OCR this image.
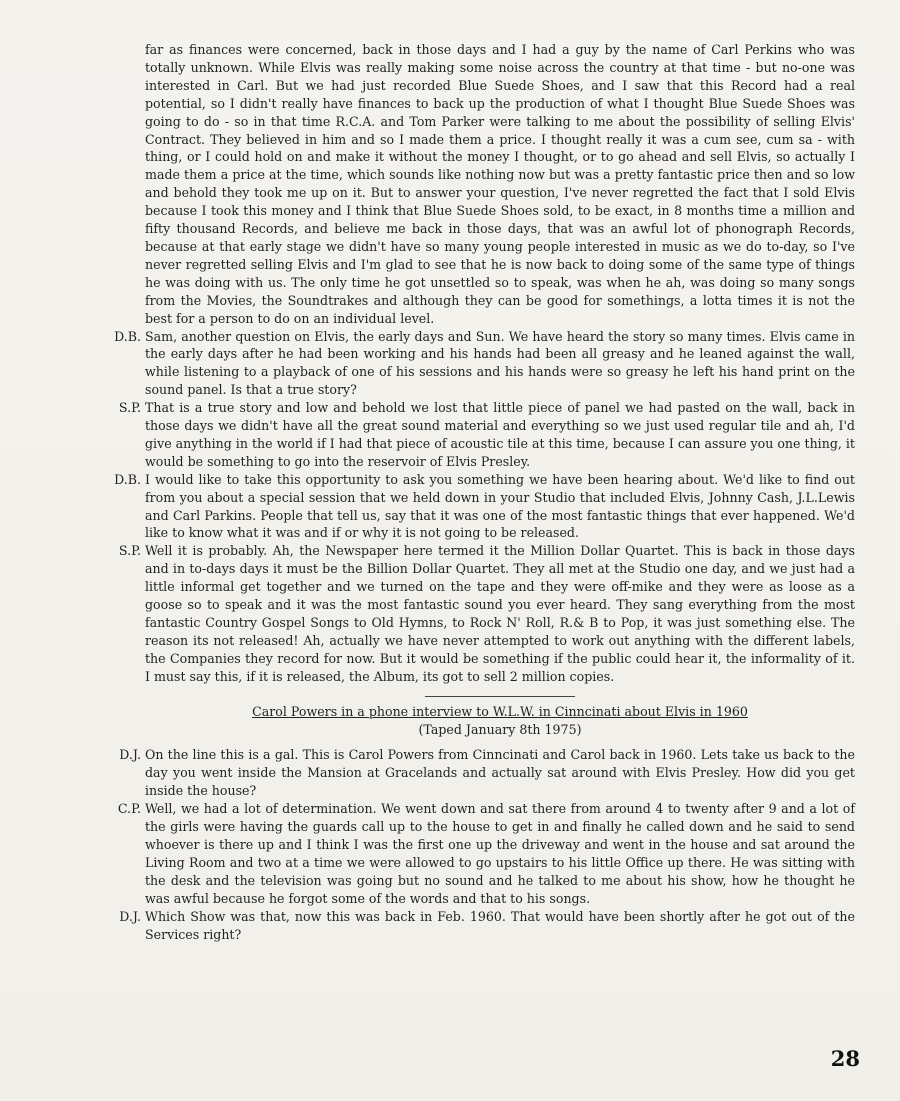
far as finances were concerned, back in those days and I had a guy by the name of Carl Perkins who was totally unknown. While Elvis was really making some noise across the country at that time - but no-one was interested in Carl. But we had just recorded Blue Suede Shoes, and I saw that this Record had a real potential, so I didn't really have finances to back up the production of what I thought Blue Suede Shoes was going to do - so in that time R.C.A. and Tom Parker were talking to me about the possibility of selling Elvis' Contract. They believed in him and so I made them a price. I thought really it was a cum see, cum sa - with thing, or I could hold on and make it without the money I thought, or to go ahead and sell Elvis, so actually I made them a price at the time, which sounds like nothing now but was a pretty fantastic price then and so low and behold they took me up on it. But to answer your question, I've never regretted the fact that I sold Elvis because I took this money and I think that Blue Suede Shoes sold, to be exact, in 8 months time a million and fifty thousand Records, and believe me back in those days, that was an awful lot of phonograph Records, because at that early stage we didn't have so many young people interested in music as we do to-day, so I've never regretted selling Elvis and I'm glad to see that he is now back to doing some of the same type of things he was doing with us. The only time he got unsettled so to speak, was when he ah, was doing so many songs from the Movies, the Soundtrakes and although they can be good for somethings, a lotta times it is not the best for a person to do on an individual level.

D.B. Sam, another question on Elvis, the early days and Sun. We have heard the story so many times. Elvis came in the early days after he had been working and his hands had been all greasy and he leaned against the wall, while listening to a playback of one of his sessions and his hands were so greasy he left his hand print on the sound panel. Is that a true story?

S.P. That is a true story and low and behold we lost that little piece of panel we had pasted on the wall, back in those days we didn't have all the great sound material and everything so we just used regular tile and ah, I'd give anything in the world if I had that piece of acoustic tile at this time, because I can assure you one thing, it would be something to go into the reservoir of Elvis Presley.

D.B. I would like to take this opportunity to ask you something we have been hearing about. We'd like to find out from you about a special session that we held down in your Studio that included Elvis, Johnny Cash, J.L.Lewis and Carl Parkins. People that tell us, say that it was one of the most fantastic things that ever happened. We'd like to know what it was and if or why it is not going to be released.

S.P. Well it is probably. Ah, the Newspaper here termed it the Million Dollar Quartet. This is back in those days and in to-days days it must be the Billion Dollar Quartet. They all met at the Studio one day, and we just had a little informal get together and we turned on the tape and they were off-mike and they were as loose as a goose so to speak and it was the most fantastic sound you ever heard. They sang everything from the most fantastic Country Gospel Songs to Old Hymns, to Rock N' Roll, R.& B to Pop, it was just something else. The reason its not released! Ah, actually we have never attempted to work out anything with the different labels, the Companies they record for now. But it would be something if the public could hear it, the informality of it. I must say this, if it is released, the Album, its got to sell 2 million copies.

Carol Powers in a phone interview to W.L.W. in Cinncinati about Elvis in 1960

(Taped January 8th 1975)

D.J. On the line this is a gal. This is Carol Powers from Cinncinati and Carol back in 1960. Lets take us back to the day you went inside the Mansion at Gracelands and actually sat around with Elvis Presley. How did you get inside the house?

C.P. Well, we had a lot of determination. We went down and sat there from around 4 to twenty after 9 and a lot of the girls were having the guards call up to the house to get in and finally he called down and he said to send whoever is there up and I think I was the first one up the driveway and went in the house and sat around the Living Room and two at a time we were allowed to go upstairs to his little Office up there. He was sitting with the desk and the television was going but no sound and he talked to me about his show, how he thought he was awful because he forgot some of the words and that to his songs.

D.J. Which Show was that, now this was back in Feb. 1960. That would have been shortly after he got out of the Services right?

28
